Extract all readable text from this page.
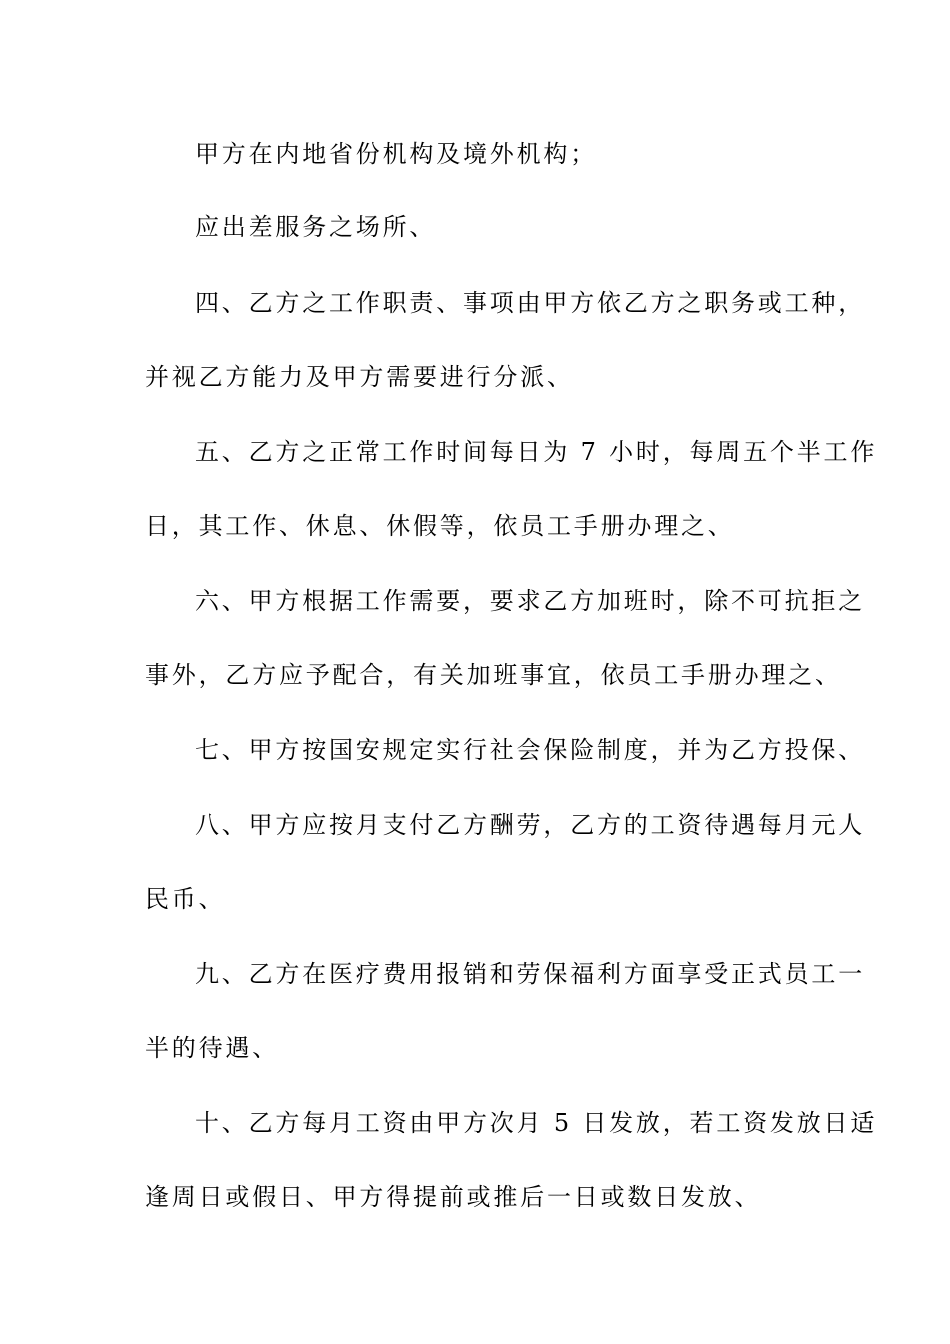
甲方在内地省份机构及境外机构；
应出差服务之场所、
四、乙方之工作职责、事项由甲方依乙方之职务或工种，
并视乙方能力及甲方需要进行分派、
五、乙方之正常工作时间每日为 7 小时，每周五个半工作
日，其工作、休息、休假等，依员工手册办理之、
六、甲方根据工作需要，要求乙方加班时，除不可抗拒之
事外，乙方应予配合，有关加班事宜，依员工手册办理之、
七、甲方按国安规定实行社会保险制度，并为乙方投保、
八、甲方应按月支付乙方酬劳，乙方的工资待遇每月元人
民币、
九、乙方在医疗费用报销和劳保福利方面享受正式员工一
半的待遇、
十、乙方每月工资由甲方次月 5 日发放，若工资发放日适
逢周日或假日、甲方得提前或推后一日或数日发放、
